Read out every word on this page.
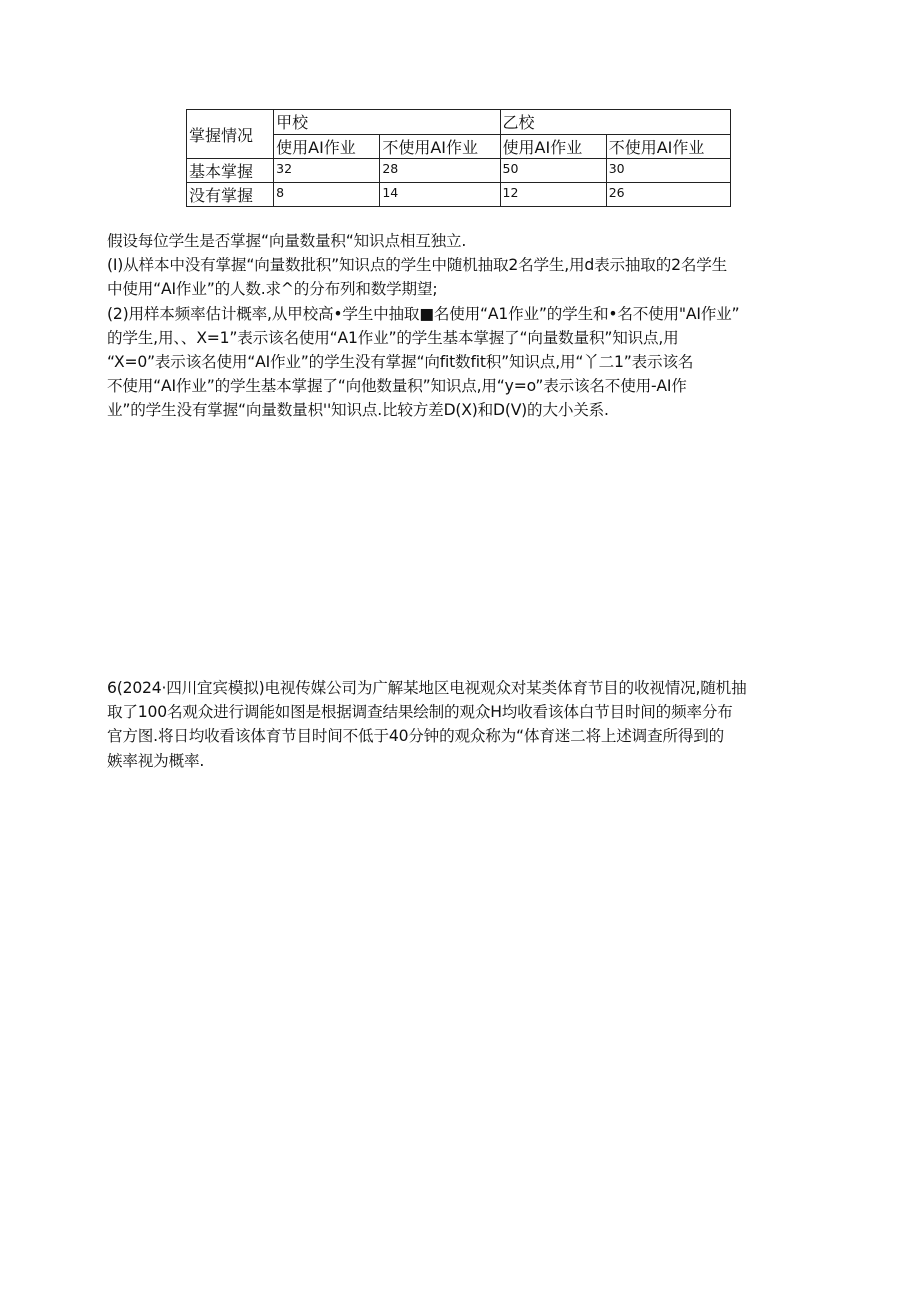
掌握情况	甲校		乙校	
	使用AI作业	不使用AI作业	使用AI作业	不使用AI作业
基本掌握	32	28	50	30
没有掌握	8	14	12	26
假设每位学生是否掌握“向量数量积“知识点相互独立.
(I)从样本中没有掌握“向量数批积”知识点的学生中随机抽取2名学生,用d表示抽取的2名学生
中使用“AI作业”的人数.求^的分布列和数学期望;
(2)用样本频率估计概率,从甲校高•学生中抽取■名使用“A1作业”的学生和•名不使用"AI作业”
的学生,用、、X=1”表示该名使用“A1作业”的学生基本掌握了“向量数量积”知识点,用
“X=0”表示该名使用“AI作业”的学生没有掌握“向fit数fit积”知识点,用“丫二1”表示该名
不使用“AI作业”的学生基本掌握了“向他数量积”知识点,用“y=o”表示该名不使用-AI作
业”的学生没有掌握“向量数量枳''知识点.比较方差D(X)和D(V)的大小关系.
6(2024·四川宜宾模拟)电视传媒公司为广解某地区电视观众对某类体育节目的收视情况,随机抽
取了100名观众进行调能如图是根据调查结果绘制的观众H均收看该体白节目时间的频率分布
官方图.将日均收看该体育节目时间不低于40分钟的观众称为“体育迷二将上述调查所得到的
嫉率视为概率.
